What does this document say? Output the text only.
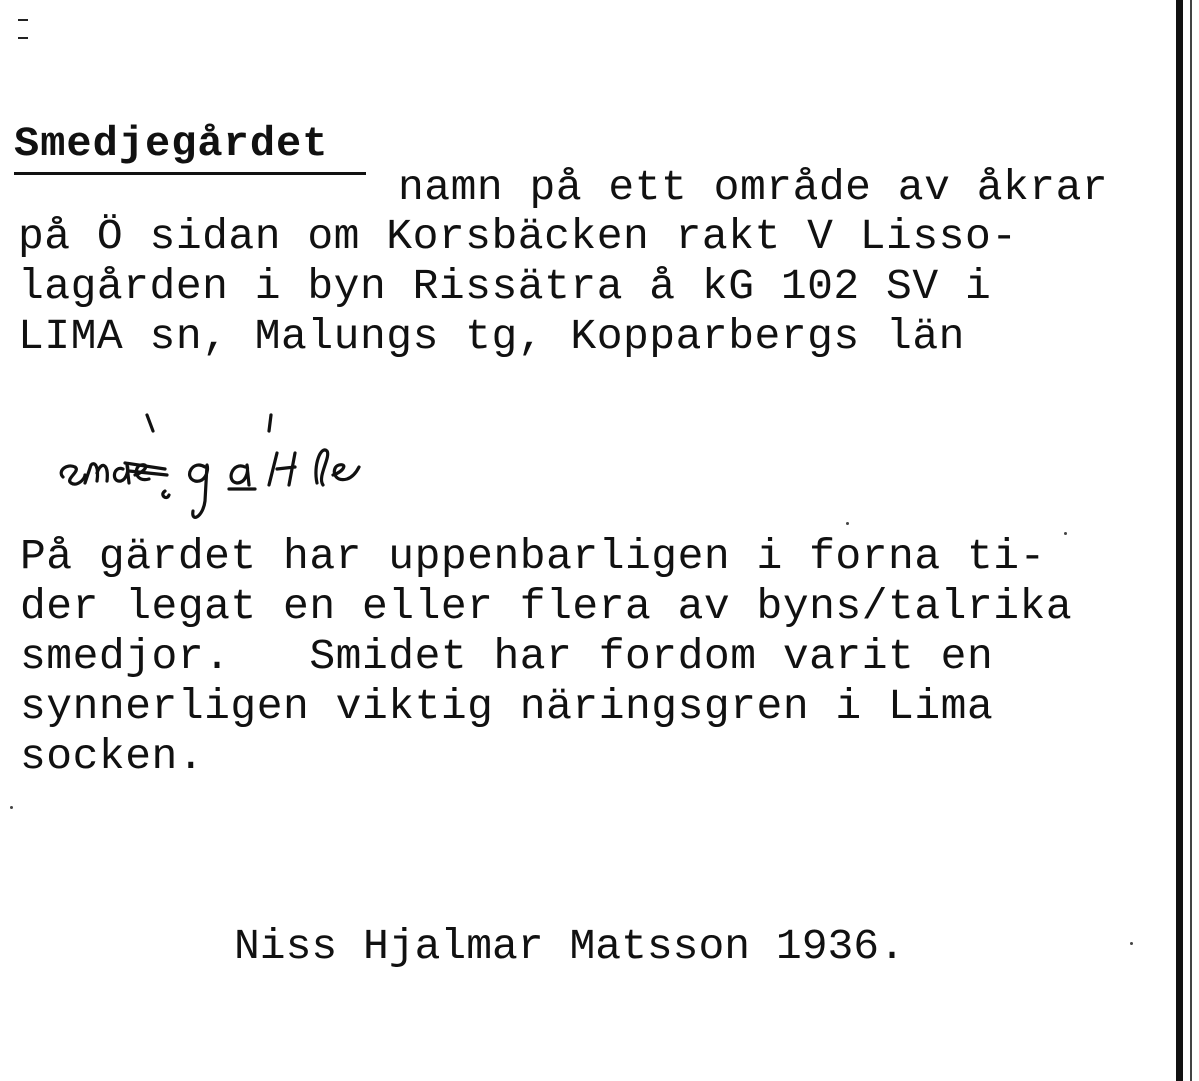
Smedjegårdet
namn på ett område av åkrar
på Ö sidan om Korsbäcken rakt V Lisso-
lagården i byn Rissätra å kG 102 SV i
LIMA sn, Malungs tg, Kopparbergs län
På gärdet har uppenbarligen i forna ti-
der legat en eller flera av byns/talrika
smedjor.   Smidet har fordom varit en
synnerligen viktig näringsgren i Lima
socken.
Niss Hjalmar Matsson 1936.
